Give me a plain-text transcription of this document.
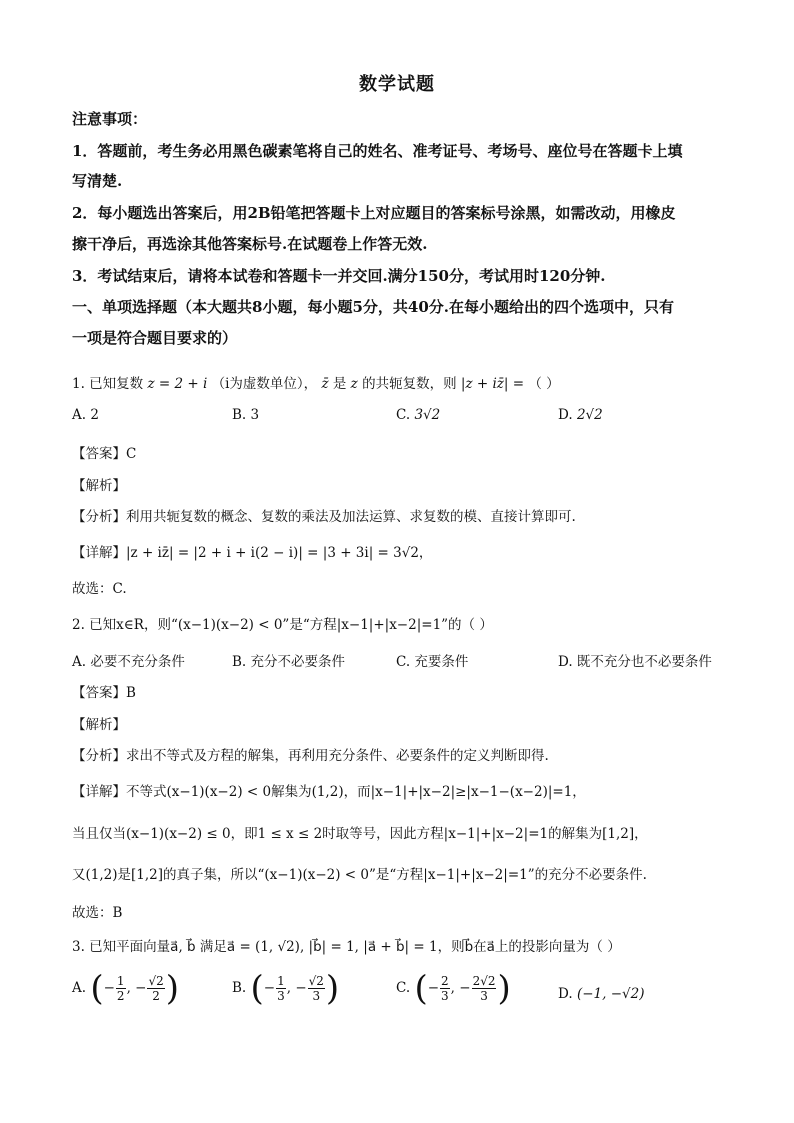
数学试题
注意事项：
1．答题前，考生务必用黑色碳素笔将自己的姓名、准考证号、考场号、座位号在答题卡上填
写清楚.
2．每小题选出答案后，用2B铅笔把答题卡上对应题目的答案标号涂黑，如需改动，用橡皮
擦干净后，再选涂其他答案标号.在试题卷上作答无效.
3．考试结束后，请将本试卷和答题卡一并交回.满分150分，考试用时120分钟.
一、单项选择题（本大题共8小题，每小题5分，共40分.在每小题给出的四个选项中，只有
一项是符合题目要求的）
1. 已知复数 z = 2 + i （i为虚数单位）， z̄ 是 z 的共轭复数，则 |z + iz̄| = （ ）
A. 2	B. 3	C. 3√2	D. 2√2
【答案】C
【解析】
【分析】利用共轭复数的概念、复数的乘法及加法运算、求复数的模、直接计算即可.
【详解】|z + iz̄| = |2 + i + i(2 − i)| = |3 + 3i| = 3√2，
故选：C.
2. 已知x∈R，则“(x−1)(x−2) < 0”是“方程|x−1|+|x−2|=1”的（ ）
A. 必要不充分条件	B. 充分不必要条件	C. 充要条件	D. 既不充分也不必要条件
【答案】B
【解析】
【分析】求出不等式及方程的解集，再利用充分条件、必要条件的定义判断即得.
【详解】不等式(x−1)(x−2) < 0解集为(1,2)，而|x−1|+|x−2|≥|x−1−(x−2)|=1，
当且仅当(x−1)(x−2) ≤ 0，即1 ≤ x ≤ 2时取等号，因此方程|x−1|+|x−2|=1的解集为[1,2]，
又(1,2)是[1,2]的真子集，所以“(x−1)(x−2) < 0”是“方程|x−1|+|x−2|=1”的充分不必要条件.
故选：B
3. 已知平面向量a⃗, b⃗ 满足a⃗ = (1, √2), |b⃗| = 1, |a⃗ + b⃗| = 1，则b⃗在a⃗上的投影向量为（ ）
A. (− $\frac{1}{2}$ , − $\frac{√2}{2}$ )	B. (− $\frac{1}{3}$ , − $\frac{√2}{3}$ )	C. (− $\frac{2}{3}$ , − $\frac{2√2}{3}$ )	D. (−1, −√2)
